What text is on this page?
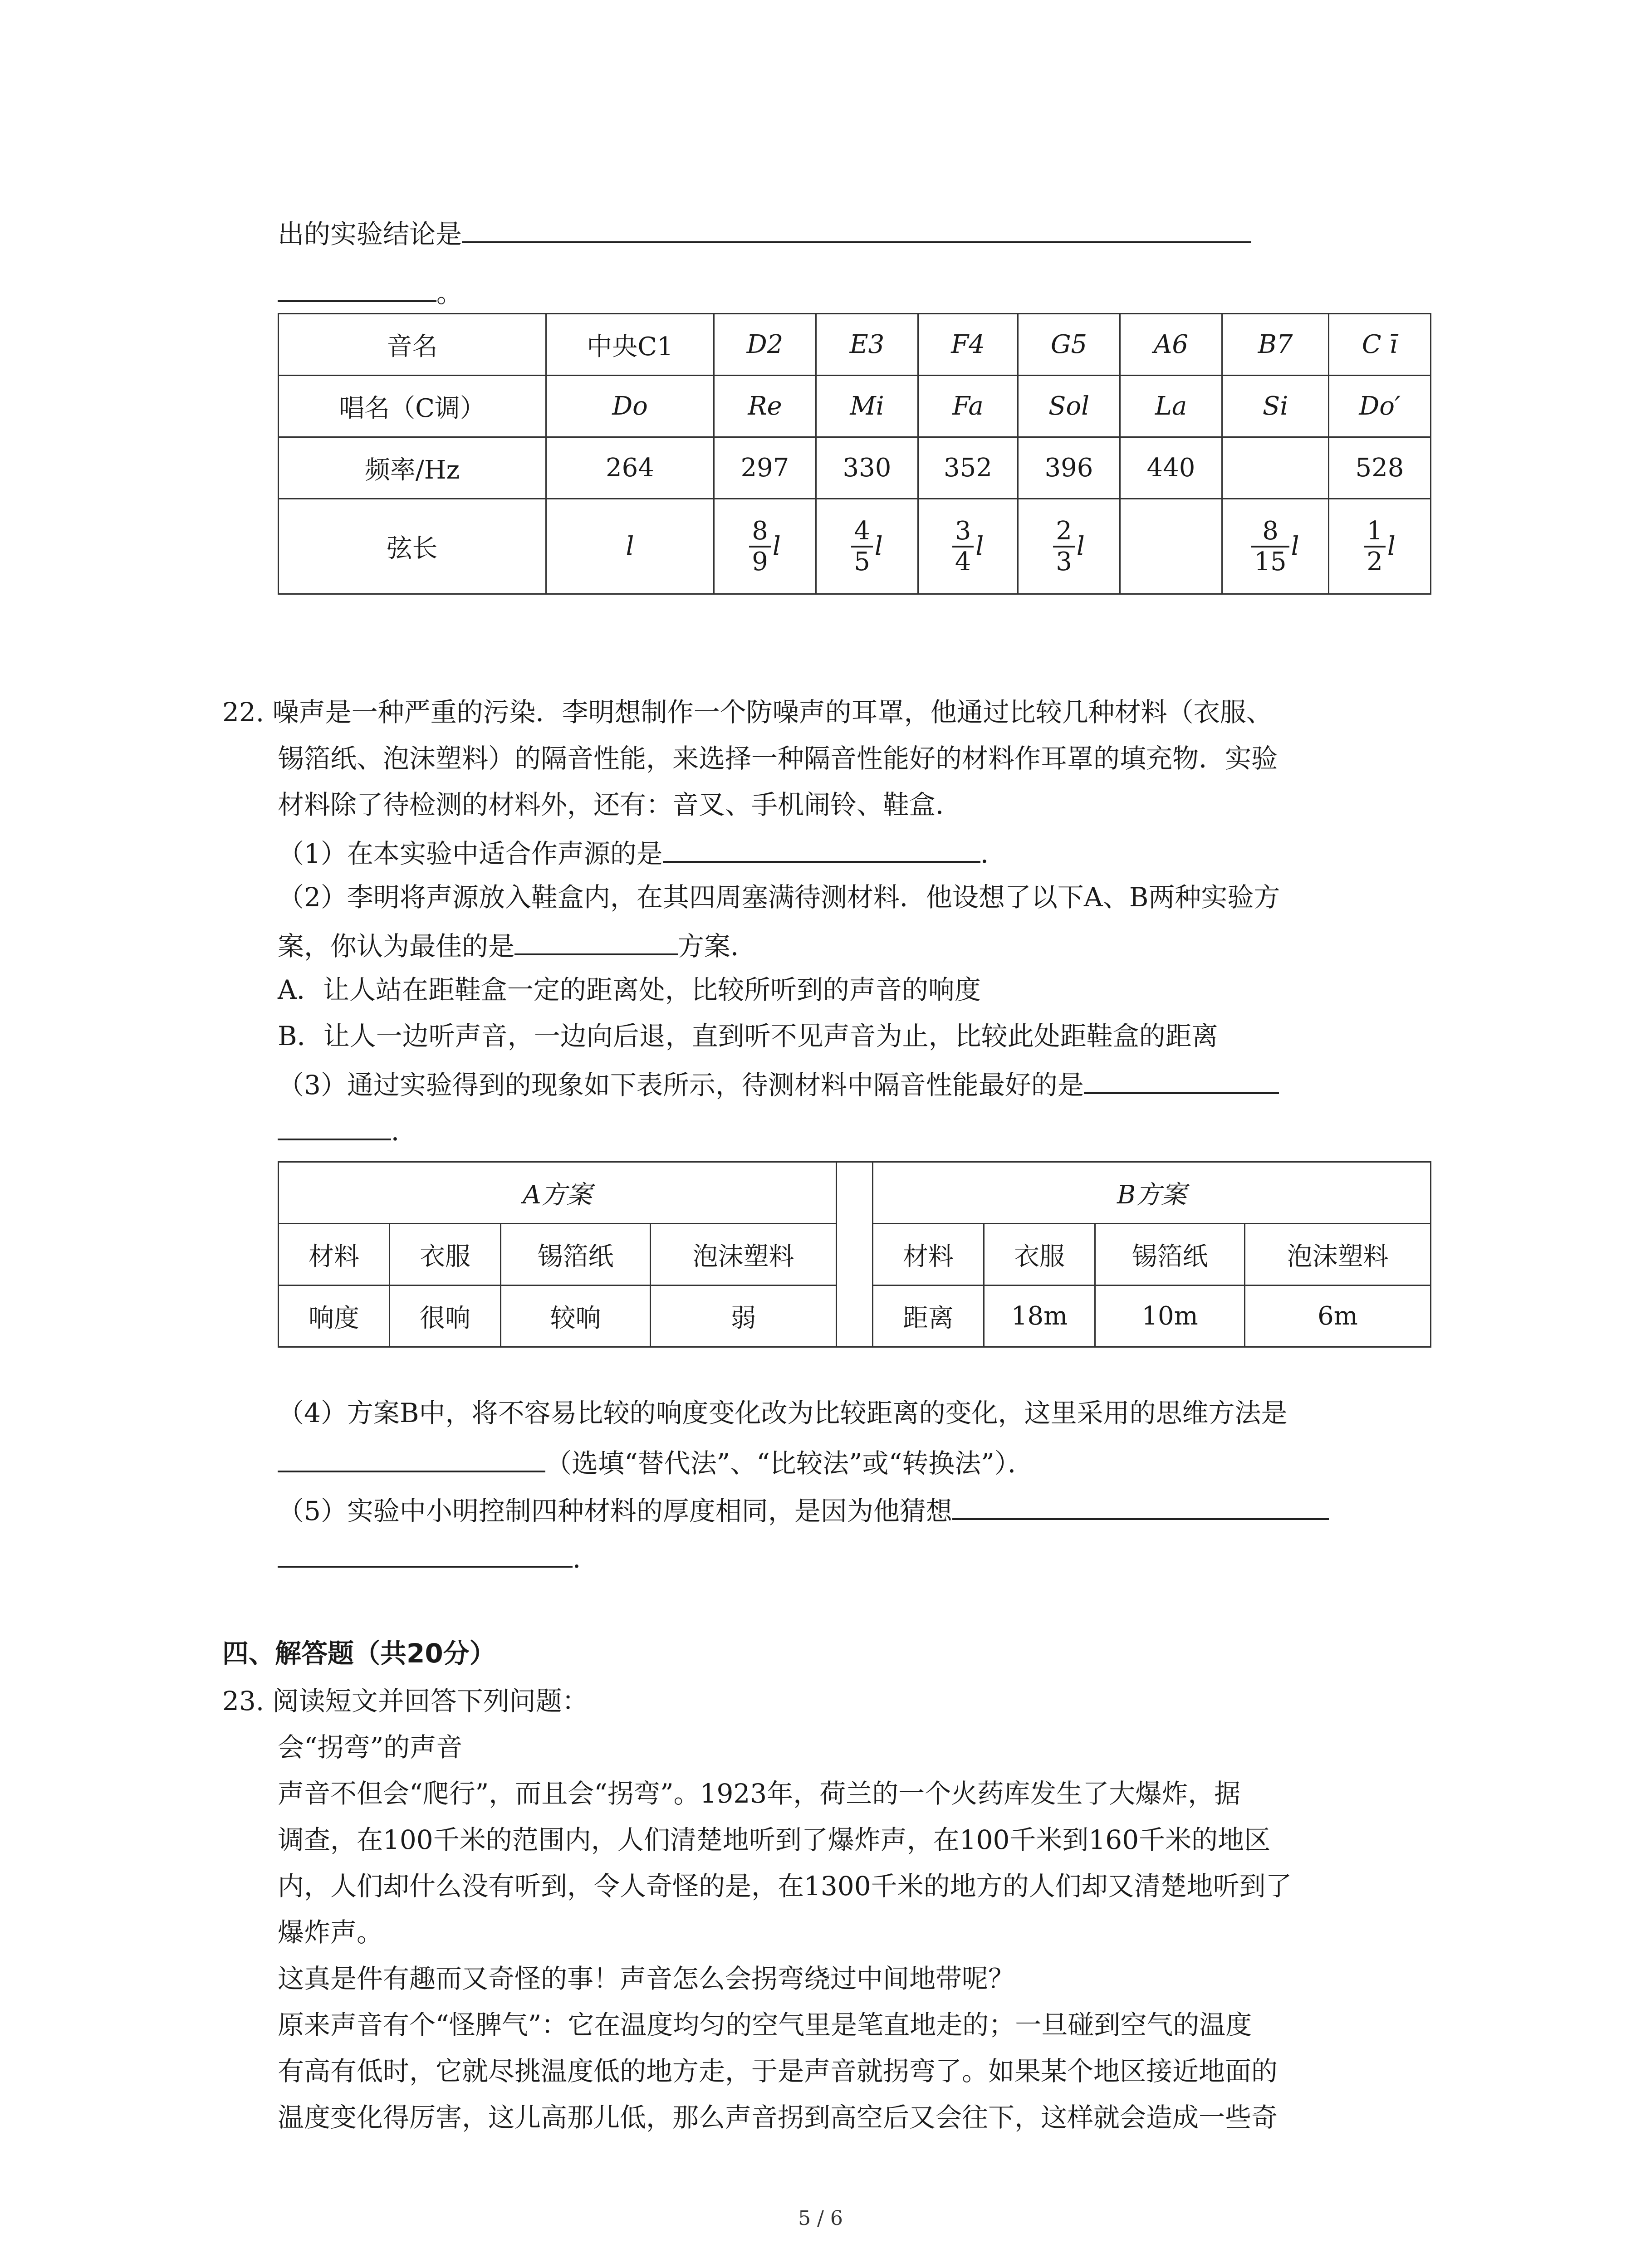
出的实验结论是
。
音名	中央C1	D2	E3	F4	G5	A6	B7	C ī
唱名（C调）	Do	Re	Mi	Fa	Sol	La	Si	Do′
频率/Hz	264	297	330	352	396	440		528
弦长	l	$\frac{8}{9}$ l	$\frac{4}{5}$ l	$\frac{3}{4}$ l	$\frac{2}{3}$ l		$\frac{8}{15}$ l	$\frac{1}{2}$ l
22. 噪声是一种严重的污染．李明想制作一个防噪声的耳罩，他通过比较几种材料（衣服、
锡箔纸、泡沫塑料）的隔音性能，来选择一种隔音性能好的材料作耳罩的填充物．实验
材料除了待检测的材料外，还有：音叉、手机闹铃、鞋盒．
（1）在本实验中适合作声源的是	．
（2）李明将声源放入鞋盒内，在其四周塞满待测材料．他设想了以下A、B两种实验方
案，你认为最佳的是	方案．
A．让人站在距鞋盒一定的距离处，比较所听到的声音的响度
B．让人一边听声音，一边向后退，直到听不见声音为止，比较此处距鞋盒的距离
（3）通过实验得到的现象如下表所示，待测材料中隔音性能最好的是
．
A方案					B方案			
材料	衣服	锡箔纸	泡沫塑料		材料	衣服	锡箔纸	泡沫塑料
响度	很响	较响	弱		距离	18m	10m	6m
（4）方案B中，将不容易比较的响度变化改为比较距离的变化，这里采用的思维方法是
（选填“替代法”、“比较法”或“转换法”）．
（5）实验中小明控制四种材料的厚度相同，是因为他猜想
．
四、解答题（共20分）
23. 阅读短文并回答下列问题：
会“拐弯”的声音
声音不但会“爬行”，而且会“拐弯”。1923年，荷兰的一个火药库发生了大爆炸，据
调查，在100千米的范围内，人们清楚地听到了爆炸声，在100千米到160千米的地区
内，人们却什么没有听到，令人奇怪的是，在1300千米的地方的人们却又清楚地听到了
爆炸声。
这真是件有趣而又奇怪的事！声音怎么会拐弯绕过中间地带呢？
原来声音有个“怪脾气”：它在温度均匀的空气里是笔直地走的；一旦碰到空气的温度
有高有低时，它就尽挑温度低的地方走，于是声音就拐弯了。如果某个地区接近地面的
温度变化得厉害，这儿高那儿低，那么声音拐到高空后又会往下，这样就会造成一些奇
5 / 6
